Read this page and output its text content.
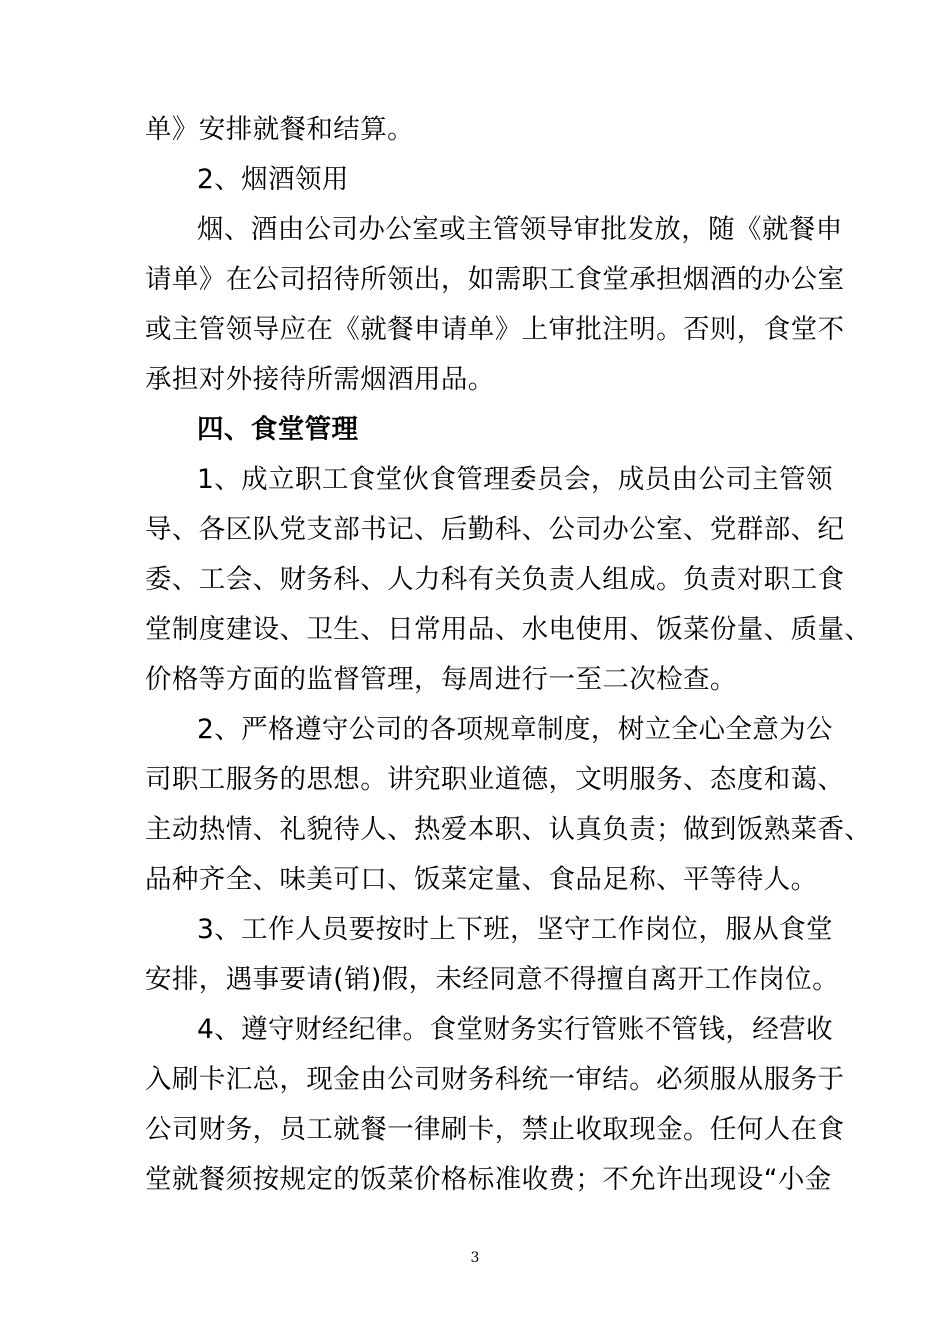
单》安排就餐和结算。
2、烟酒领用
烟、酒由公司办公室或主管领导审批发放，随《就餐申
请单》在公司招待所领出，如需职工食堂承担烟酒的办公室
或主管领导应在《就餐申请单》上审批注明。否则，食堂不
承担对外接待所需烟酒用品。
四、食堂管理
1、成立职工食堂伙食管理委员会，成员由公司主管领
导、各区队党支部书记、后勤科、公司办公室、党群部、纪
委、工会、财务科、人力科有关负责人组成。负责对职工食
堂制度建设、卫生、日常用品、水电使用、饭菜份量、质量、
价格等方面的监督管理，每周进行一至二次检查。
2、严格遵守公司的各项规章制度，树立全心全意为公
司职工服务的思想。讲究职业道德，文明服务、态度和蔼、
主动热情、礼貌待人、热爱本职、认真负责；做到饭熟菜香、
品种齐全、味美可口、饭菜定量、食品足称、平等待人。
3、工作人员要按时上下班，坚守工作岗位，服从食堂
安排，遇事要请(销)假，未经同意不得擅自离开工作岗位。
4、遵守财经纪律。食堂财务实行管账不管钱，经营收
入刷卡汇总，现金由公司财务科统一审结。必须服从服务于
公司财务，员工就餐一律刷卡，禁止收取现金。任何人在食
堂就餐须按规定的饭菜价格标准收费；不允许出现设“小金
3
